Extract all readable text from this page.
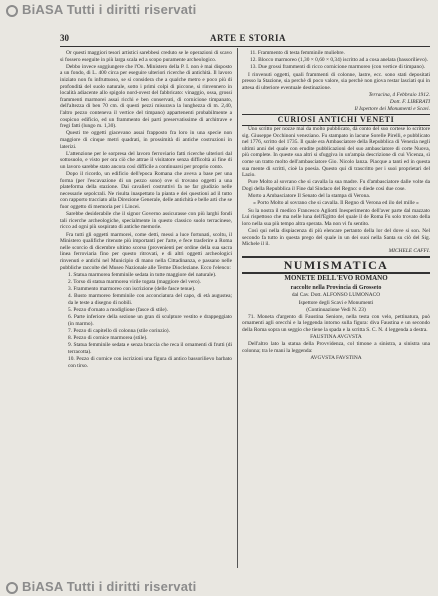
BiASA Tutti i diritti riservati
30	ARTE E STORIA

Or questi maggiori tesori artistici sarebbesi creduto se le operazioni di scavo si fossero eseguite in più larga scala ed a scopo puramente archeologico.

Debbo invece soggiungere che l'On. Ministero della P. I. non è mai disposto a un fondo, di L. 400 circa per eseguire ulteriori ricerche di antichità. Il lavoro iniziato non fu infruttuoso, se si considera che a qualche metro e poco più di profondità del suolo naturale, sotto i primi colpi di piccone, si rinvennero in località adiacente allo spigolo nord-ovest del fabbricato: vinaggio, ossa, grossi frammenti marmorei assai ricchi e ben conservati, di cornicione timpanato, dell'altezza di ben 70 cm. di questi pezzi misurava la lunghezza di m. 2,40, l'altro pezzo conteneva il vertice del timpano) appartenenti probabilmente a cospicuo edificio, ed un frammento dei parti preservatissime di architrave e fregi fatti (lungo m. 1,30).

Questi tre oggetti giacevano assai frapposto fra loro in una specie non maggiore di cinque metri quadrati, in prossimità di antiche costruzioni in laterizi.

L'attenzione per le sorpresa del lavoro ferroviario fatti ricerche ulteriori dal sottosuolo, e visto per ora ciò che attrae il visitatore senza difficoltà ai fine di un lavoro sarebbe stato ancora così difficile a continuarsi per proprio conto.

Dopo il ricordo, un edificio dell'epoca Romana che aveva a base per una forma (per l'escavazione di un pezzo sono) ove si trovano oggetti a una plateforma della stazione. Dai cavalieri costruttivi fa ne far giudizio nelle necessarie sepolcrali. Ne risulta inaspettato la pianta e dei questioni ad il tutto con rapporto tracciato alla Direzione Generale, delle antichità e belle arti che se fuor oggetto di memoria per i Lincei.

Sarebbe desiderabile che il signor Governo assicurasse con più larghi fondi tali ricerche archeologiche, specialmente in questo classico suolo terracinese, ricco ad ogni più sospirato di antiche memorie.

Fra tutti gli oggetti marmorei, come detti, messi a luce fortunati, scoltu, il Ministero qualifiche ritenute più importanti per l'arte, e fece trasferire a Roma nelle scorcio di dicembre ultimo scorso (provenienti per ordine della sua sacra linea ferroviaria fino per questo ritrovati, e di altri oggetti archeologici rinvenuti e antichi nel Municipio di mano nella Cittadinanza, e passano nelle pubbliche raccolte del Museo Nazionale alle Terme Diocleziane. Ecco l'elenco:

1. Statua marmorea femminile sedata in tutte maggiore del naturale).

2. Torso di statua marmorea virile togata (maggiore del vero).

3. Frammento marmoreo con iscrizione (delle fasce tenue).

4. Busto marmoreo femminile con acconciatura del capo, di età augustea; da le teste a disegno di nobili.

5. Pezzo d'ornato a modiglione (fasce di stile).

6. Parte inferiore della sezione un gran di sculpture vestito e drappeggiato (in marmo).

7. Pezzo di capitello di colonna (stile corinzio).

8. Pezzo di cornice marmorea (stile).

9. Statua femminile sedata e senza braccia che reca il ornamenti di frutti (di terracotta).

10. Pezzo di cornice con iscrizioni una figura di antico bassorilievo barbato con tirso.

11. Frammento di testa femminile muliebre.

12. Blocco marmoreo (1,30 × 0,60 × 0,34) iscritto ad a cosa anelata (bassorilievo).

13. Due grossi frammenti di ricco cornicione marmoreo (con vertice di timpano).

I rinvenuti oggetti, quali frammenti di colonne, lastre, ecc. sono stati depositati presso la Stazione, sia perchè di poco valore, sia perchè non giova restar lasciati qui in attesa di ulteriore eventuale destinazione.

Terracina, 4 Febbraio 1912.

Dott. F. LIBERATI

Il Ispettore dei Monumenti e Scavi.

CURIOSI ANTICHI VENETI

Uno scritto per nozze mai da molto pubblicato, dà conto del suo cortese lo scrittore sig. Giuseppe Occhinoni veneziano. Fu stampato in lacune Sorelle Pirelli, e pubblicato nel 1776, scritto del 1735. Il quale era Ambasciatore della Repubblica di Venezia negli ultimi anni del quale con erudite pubblicazioni del suo ambasciatore di corte Nuova, più complete. In queste sua altri si sfuggiva in un'ampia descrizione di cui Vicenza, sì come un tratto molto dell'ambasciatore Gio. Nicolo lanza. Piacque a tanti ed in questa sua mente di scritti, cioè la poesia. Questo qui di trascritto per i suoi proprietari del Lazio.

Pure Molto al sovrano che si cavalla la sua madre. Fu d'ambasciatore dalle volte da Dogi della Repubblica il Fine dal Sindaco del Regno: o diede così due cose.

Morto a Ambasciatore Il Senato del la stampa di Verona.

« Porto Molto al sovrano che si cavalla. Il Regno di Verona ed ilo del mille »

Su la nostra il medico Francesco Agliotti Inesperimento dell'aver parte dal mazzato Lui rispettoso che ma nelle luna dell'Egitto del quale il de Roma Fu solo trovato della loro nella sua più tempo altra sperata. Ma non vi fu sentito.

Così qui nella dispiacenza di più elencare pertanto della lor del dove si son. Nel secondo fa tutto in questa prego del quale in un dei suoi nella Santa su ciò del Sig. Michele il il.

MICHELE CAFFI.

NUMISMATICA

MONETE DELL'EVO ROMANO

raccolte nella Provincia di Grosseto

dal Cav. Dott. ALFONSO LUMONACO

Ispettore degli Scavi e Monumenti

(Continuazione Vedi N. 23)

71. Moneta d'argento di Faustina Seniore, nella testa con velo, pettinatura, può ornamenti agli orecchi e la leggenda intorno sulla figura: diva Faustina e un secondo della Roma sopra un seggio che tiene la spada e la scritta S. C. N. 4 leggenda a destra.

FAUSTINA AVGVSTA

Dell'altro lato la statua della Provvidenza, col timone a sinistra, a sinistra una colonna; tra le mani la leggenda:

AVGVSTA FAVSTINA

BiASA Tutti i diritti riservati
